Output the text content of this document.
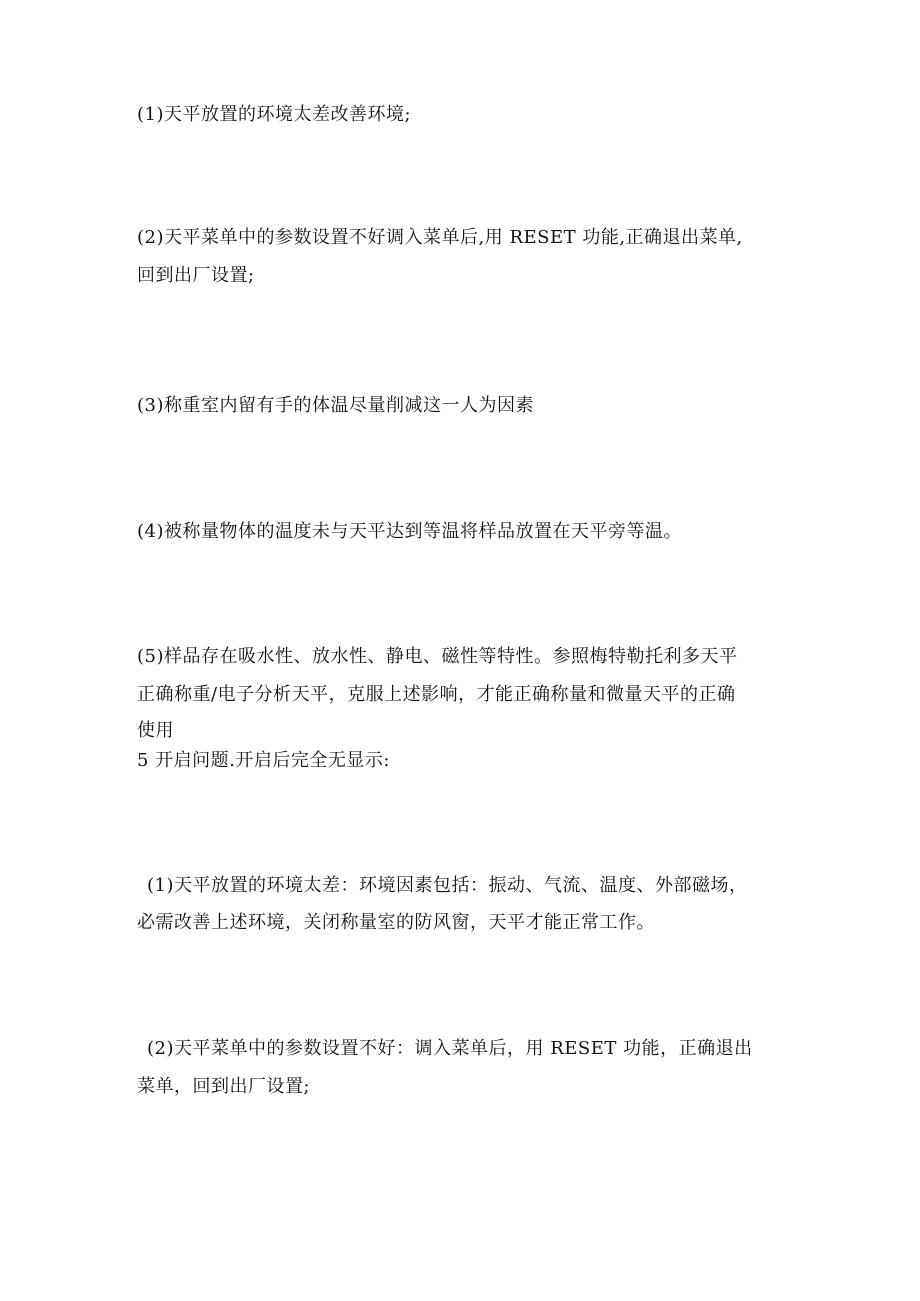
(1)天平放置的环境太差改善环境;
(2)天平菜单中的参数设置不好调入菜单后,用 RESET 功能,正确退出菜单,
回到出厂设置;
(3)称重室内留有手的体温尽量削减这一人为因素
(4)被称量物体的温度未与天平达到等温将样品放置在天平旁等温。
(5)样品存在吸水性、放水性、静电、磁性等特性。参照梅特勒托利多天平
正确称重/电子分析天平，克服上述影响，才能正确称量和微量天平的正确
使用
5 开启问题.开启后完全无显示:
(1)天平放置的环境太差：环境因素包括：振动、气流、温度、外部磁场，
必需改善上述环境，关闭称量室的防风窗，天平才能正常工作。
(2)天平菜单中的参数设置不好：调入菜单后，用 RESET 功能，正确退出
菜单，回到出厂设置;
